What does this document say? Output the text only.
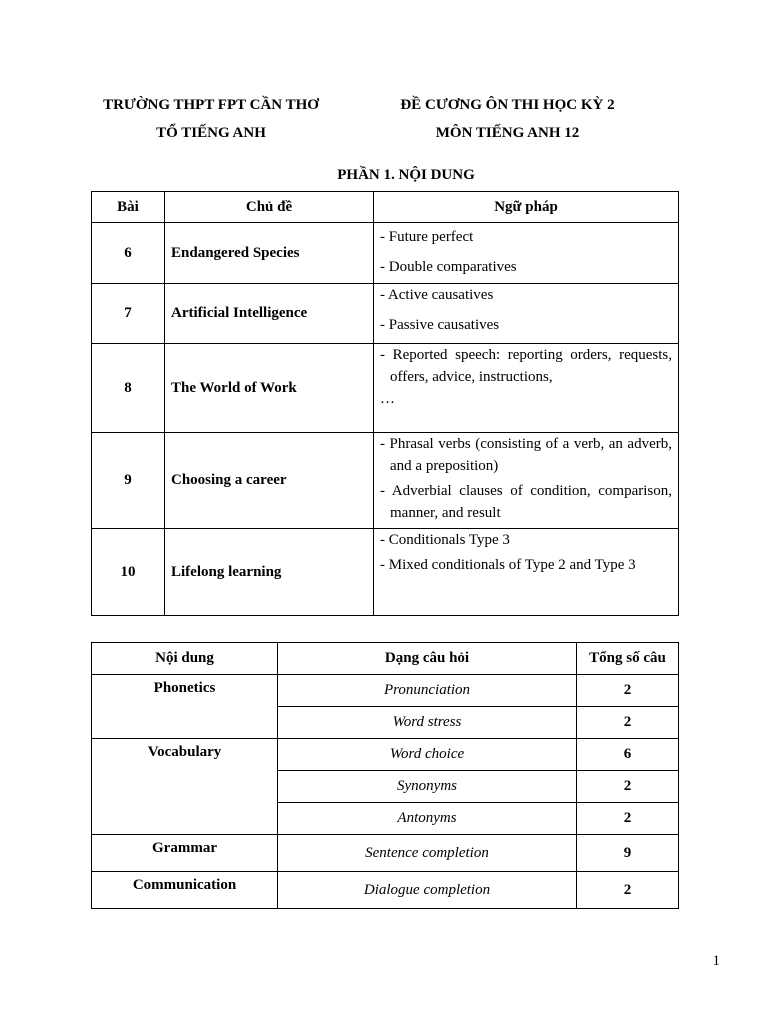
TRƯỜNG THPT FPT CẦN THƠ
TỔ TIẾNG ANH
ĐỀ CƯƠNG ÔN THI HỌC KỲ 2
MÔN TIẾNG ANH 12
PHẦN 1. NỘI DUNG
Bài	Chủ đề	Ngữ pháp
6	Endangered Species	- Future perfect
- Double comparatives

7	Artificial Intelligence	- Active causatives
- Passive causatives

8	The World of Work	- Reported speech: reporting orders, requests, offers, advice, instructions,
…

9	Choosing a career	- Phrasal verbs (consisting of a verb, an adverb, and a preposition)
- Adverbial clauses of condition, comparison, manner, and result

10	Lifelong learning	- Conditionals Type 3
- Mixed conditionals of Type 2 and Type 3
Nội dung	Dạng câu hỏi	Tổng số câu
Phonetics	Pronunciation	2
	Word stress	2
Vocabulary	Word choice	6
	Synonyms	2
	Antonyms	2
Grammar	Sentence completion	9
Communication	Dialogue completion	2
1
